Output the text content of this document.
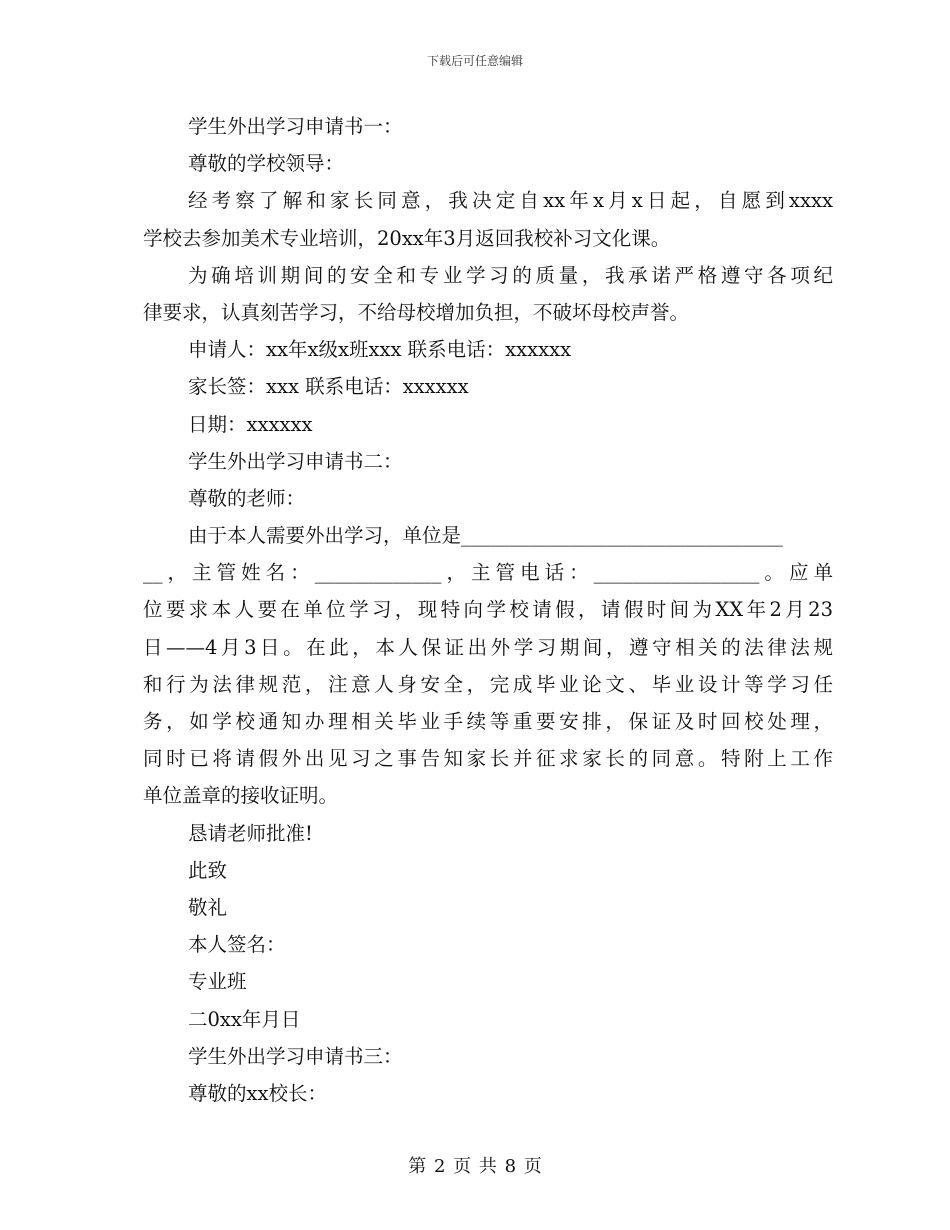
下载后可任意编辑
学生外出学习申请书一：
尊敬的学校领导：
经考察了解和家长同意，我决定自xx年x月x日起，自愿到xxxx
学校去参加美术专业培训，20xx年3月返回我校补习文化课。
为确培训期间的安全和专业学习的质量，我承诺严格遵守各项纪
律要求，认真刻苦学习，不给母校增加负担，不破坏母校声誉。
申请人：xx年x级x班xxx 联系电话：xxxxxx
家长签：xxx 联系电话：xxxxxx
日期：xxxxxx
学生外出学习申请书二：
尊敬的老师：
由于本人需要外出学习，单位是_________________________________
__，主管姓名：_____________，主管电话：_________________。应单
位要求本人要在单位学习，现特向学校请假，请假时间为XX年2月23
日——4月3日。在此，本人保证出外学习期间，遵守相关的法律法规
和行为法律规范，注意人身安全，完成毕业论文、毕业设计等学习任
务，如学校通知办理相关毕业手续等重要安排，保证及时回校处理，
同时已将请假外出见习之事告知家长并征求家长的同意。特附上工作
单位盖章的接收证明。
恳请老师批准!
此致
敬礼
本人签名：
专业班
二0xx年月日
学生外出学习申请书三：
尊敬的xx校长：
第 2 页 共 8 页
